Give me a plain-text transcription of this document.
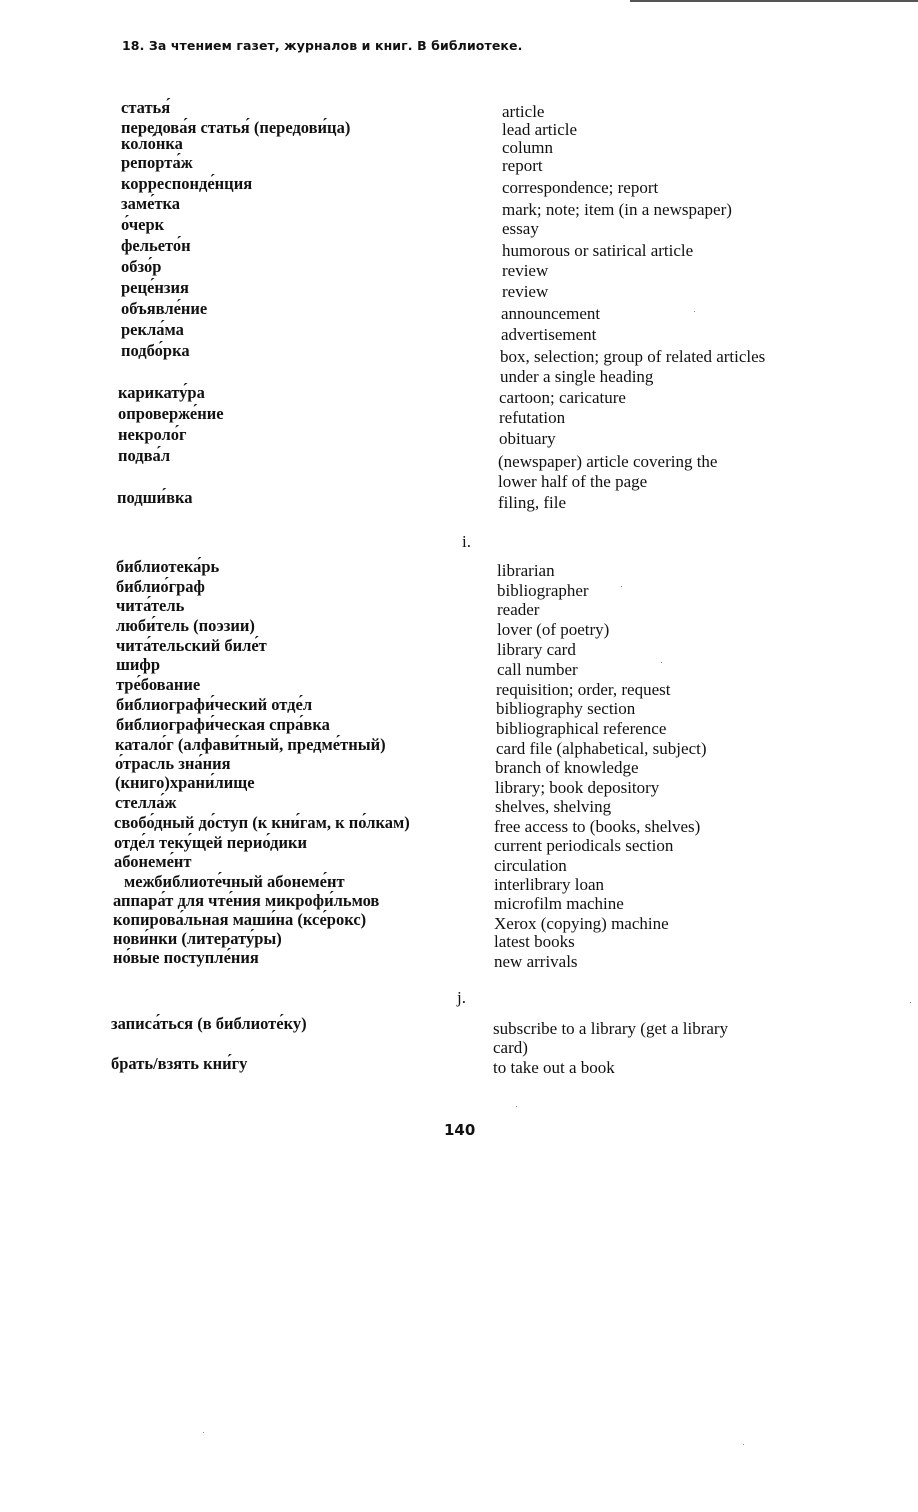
18. За чтением газет, журналов и книг. В библиотеке.
статья́	article
передова́я статья́ (передови́ца)	lead article
коло́нка	column
репорта́ж	report
корреспонде́нция	correspondence; report
заме́тка	mark; note; item (in a newspaper)
о́черк	essay
фельето́н	humorous or satirical article
обзо́р	review
реце́нзия	review
объявле́ние	announcement
рекла́ма	advertisement
подбо́рка	box, selection; group of related articles
under a single heading
карикату́ра	cartoon; caricature
опроверже́ние	refutation
некроло́г	obituary
подва́л	(newspaper) article covering the
lower half of the page
подши́вка	filing, file
i.
библиотека́рь	librarian
библио́граф	bibliographer
чита́тель	reader
люби́тель (поэзии)	lover (of poetry)
чита́тельский биле́т	library card
шифр	call number
тре́бование	requisition; order, request
библиографи́ческий отде́л	bibliography section
библиографи́ческая спра́вка	bibliographical reference
катало́г (алфави́тный, предме́тный)	card file (alphabetical, subject)
о́трасль зна́ния	branch of knowledge
(книго)храни́лище	library; book depository
стелла́ж	shelves, shelving
свобо́дный до́ступ (к кни́гам, к по́лкам)	free access to (books, shelves)
отде́л теку́щей перио́дики	current periodicals section
абонеме́нт	circulation
межбиблиоте́чный абонеме́нт	interlibrary loan
аппара́т для чте́ния микрофи́льмов	microfilm machine
копирова́льная маши́на (ксе́рокс)	Xerox (copying) machine
нови́нки (литерату́ры)	latest books
но́вые поступле́ния	new arrivals
j.
записа́ться (в библиоте́ку)	subscribe to a library (get a library
card)
брать/взять кни́гу	to take out a book
140
